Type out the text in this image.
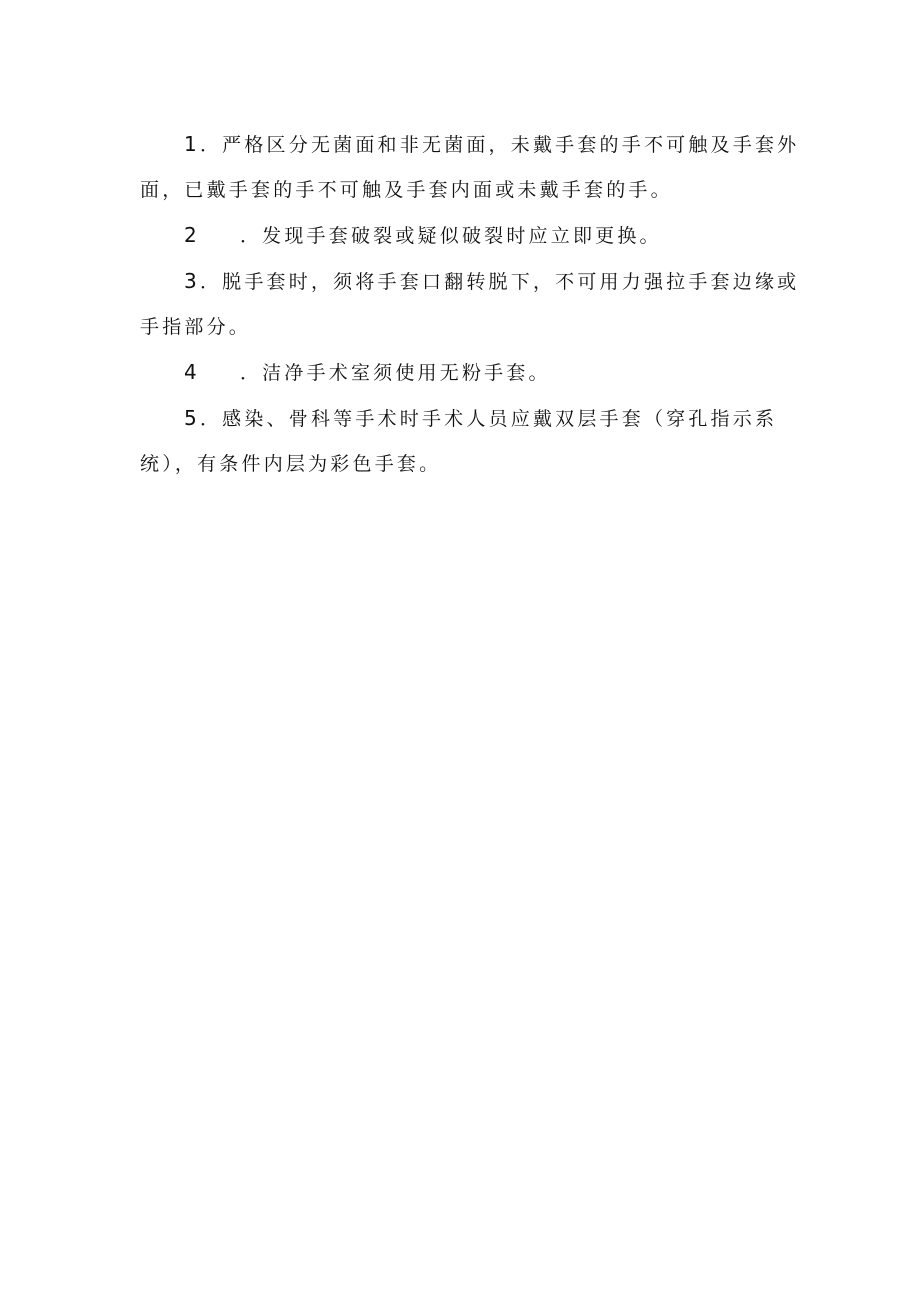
1．严格区分无菌面和非无菌面，未戴手套的手不可触及手套外面，已戴手套的手不可触及手套内面或未戴手套的手。

2 ．发现手套破裂或疑似破裂时应立即更换。

3．脱手套时，须将手套口翻转脱下，不可用力强拉手套边缘或手指部分。

4 ．洁净手术室须使用无粉手套。

5．感染、骨科等手术时手术人员应戴双层手套（穿孔指示系统），有条件内层为彩色手套。
